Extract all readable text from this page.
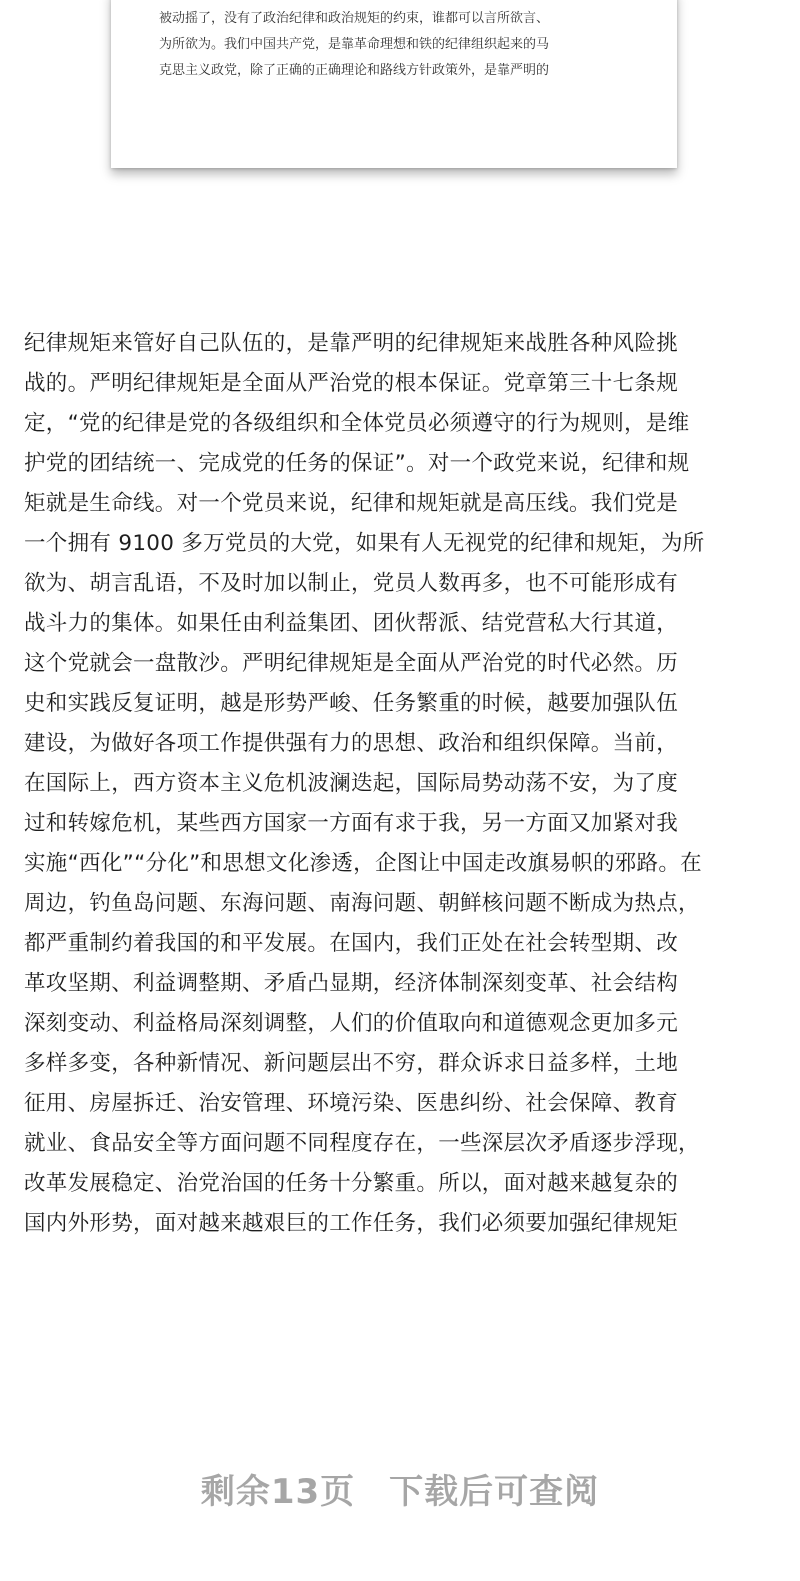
被动摇了，没有了政治纪律和政治规矩的约束，谁都可以言所欲言、
为所欲为。我们中国共产党，是靠革命理想和铁的纪律组织起来的马
克思主义政党，除了正确的正确理论和路线方针政策外，是靠严明的
纪律规矩来管好自己队伍的，是靠严明的纪律规矩来战胜各种风险挑
战的。严明纪律规矩是全面从严治党的根本保证。党章第三十七条规
定，“党的纪律是党的各级组织和全体党员必须遵守的行为规则，是维
护党的团结统一、完成党的任务的保证”。对一个政党来说，纪律和规
矩就是生命线。对一个党员来说，纪律和规矩就是高压线。我们党是
一个拥有 9100 多万党员的大党，如果有人无视党的纪律和规矩，为所
欲为、胡言乱语，不及时加以制止，党员人数再多，也不可能形成有
战斗力的集体。如果任由利益集团、团伙帮派、结党营私大行其道，
这个党就会一盘散沙。严明纪律规矩是全面从严治党的时代必然。历
史和实践反复证明，越是形势严峻、任务繁重的时候，越要加强队伍
建设，为做好各项工作提供强有力的思想、政治和组织保障。当前，
在国际上，西方资本主义危机波澜迭起，国际局势动荡不安，为了度
过和转嫁危机，某些西方国家一方面有求于我，另一方面又加紧对我
实施“西化”“分化”和思想文化渗透，企图让中国走改旗易帜的邪路。在
周边，钓鱼岛问题、东海问题、南海问题、朝鲜核问题不断成为热点，
都严重制约着我国的和平发展。在国内，我们正处在社会转型期、改
革攻坚期、利益调整期、矛盾凸显期，经济体制深刻变革、社会结构
深刻变动、利益格局深刻调整，人们的价值取向和道德观念更加多元
多样多变，各种新情况、新问题层出不穷，群众诉求日益多样，土地
征用、房屋拆迁、治安管理、环境污染、医患纠纷、社会保障、教育
就业、食品安全等方面问题不同程度存在，一些深层次矛盾逐步浮现，
改革发展稳定、治党治国的任务十分繁重。所以，面对越来越复杂的
国内外形势，面对越来越艰巨的工作任务，我们必须要加强纪律规矩
剩余13页 下载后可查阅
